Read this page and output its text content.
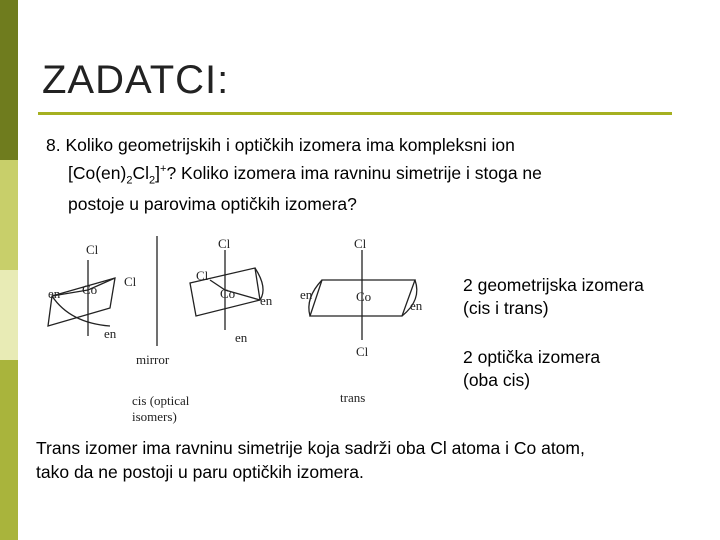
ZADATCI:
8. Koliko geometrijskih i optičkih izomera ima kompleksni ion
$[Co(en)_2Cl_2]^+$? Koliko izomera ima ravninu simetrije i stoga ne
postoje u parovima optičkih izomera?
Cl
Co
Cl
en
en
mirror
Cl
Cl
Co en
en
cis (optical
isomers)
Cl
Co
en
en
Cl
trans
2 geometrijska izomera
(cis i trans)
2 optička izomera
(oba cis)
Trans izomer ima ravninu simetrije koja sadrži oba Cl atoma i Co atom,
tako da ne postoji u paru optičkih izomera.
